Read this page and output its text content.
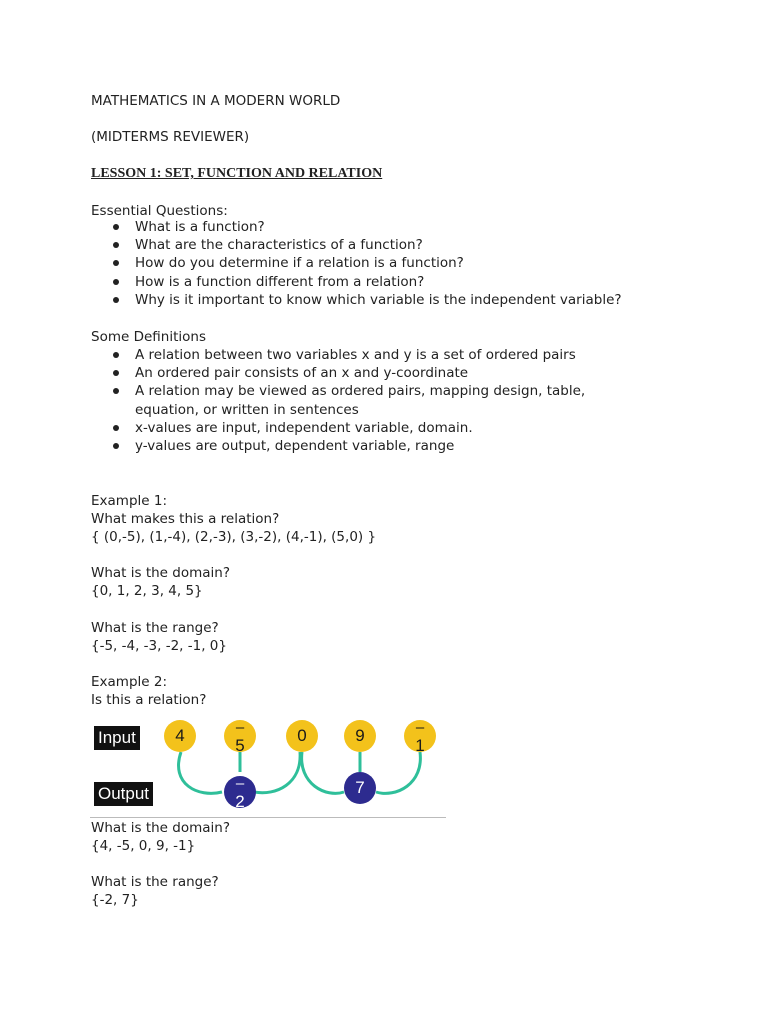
MATHEMATICS IN A MODERN WORLD
(MIDTERMS REVIEWER)
LESSON 1: SET, FUNCTION AND RELATION
Essential Questions:
What is a function?
What are the characteristics of a function?
How do you determine if a relation is a function?
How is a function different from a relation?
Why is it important to know which variable is the independent variable?
Some Definitions
A relation between two variables x and y is a set of ordered pairs
An ordered pair consists of an x and y-coordinate
A relation may be viewed as ordered pairs, mapping design, table,
equation, or written in sentences
x-values are input, independent variable, domain.
y-values are output, dependent variable, range
Example 1:
What makes this a relation?
{ (0,-5), (1,-4), (2,-3), (3,-2), (4,-1), (5,0) }
What is the domain?
{0, 1, 2, 3, 4, 5}
What is the range?
{-5, -4, -3, -2, -1, 0}
Example 2:
Is this a relation?
Input
Output
4	–
5
0	9	–
1
–
2
7
What is the domain?
{4, -5, 0, 9, -1}
What is the range?
{-2, 7}
